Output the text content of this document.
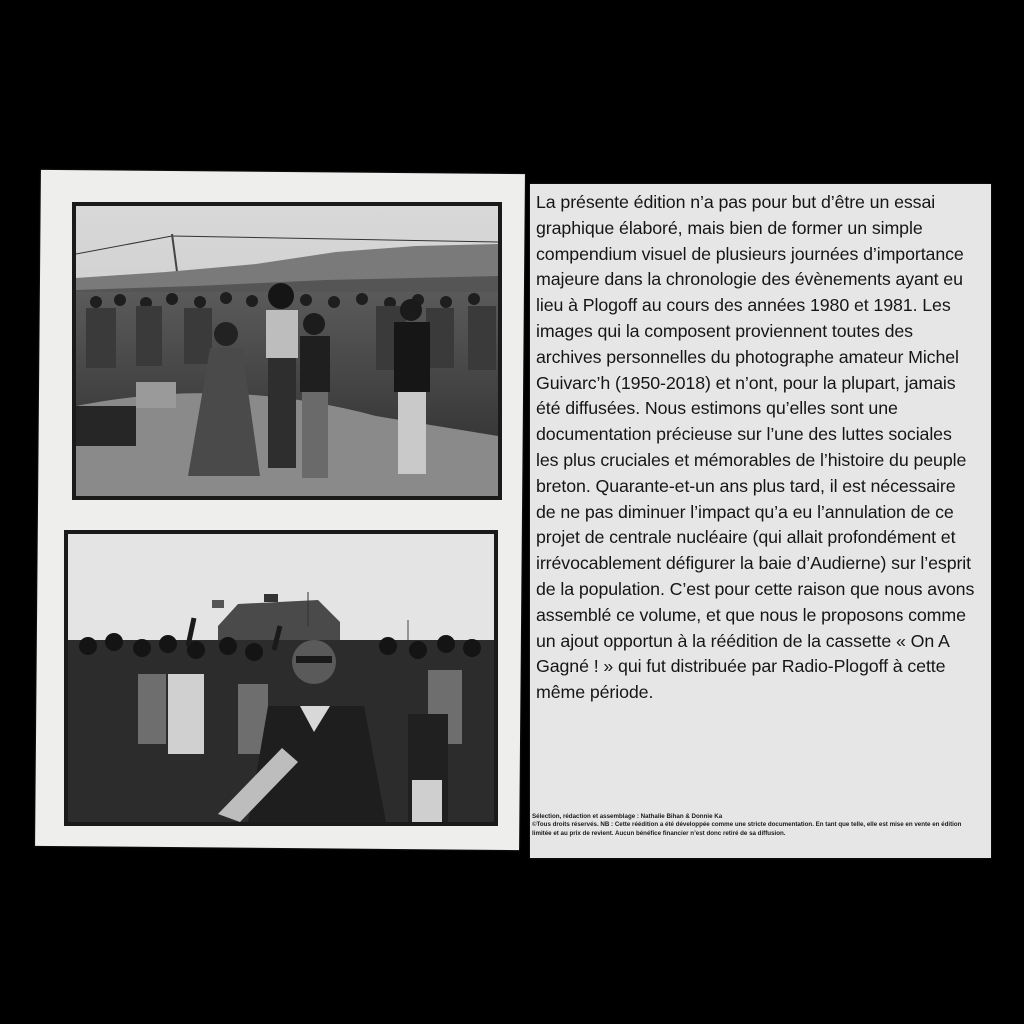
La présente édition n’a pas pour but d’être un essai graphique élaboré, mais bien de former un simple compendium visuel de plusieurs journées d’importance majeure dans la chronologie des évènements ayant eu lieu à Plogoff au cours des années 1980 et 1981. Les images qui la composent proviennent toutes des archives personnelles du photographe amateur Michel Guivarc’h (1950-2018) et n’ont, pour la plupart, jamais été diffusées. Nous estimons qu’elles sont une documentation précieuse sur l’une des luttes sociales les plus cruciales et mémorables de l’histoire du peuple breton. Quarante-et-un ans plus tard, il est nécessaire de ne pas diminuer l’impact qu’a eu l’annulation de ce projet de centrale nucléaire (qui allait profondément et irrévocablement défigurer la baie d’Audierne) sur l’esprit de la population. C’est pour cette raison que nous avons assemblé ce volume, et que nous le proposons comme un ajout opportun à la réédition de la cassette « On A Gagné ! » qui fut distribuée par Radio-Plogoff à cette même période.

Sélection, rédaction et assemblage : Nathalie Bihan & Donnie Ka
©Tous droits réservés. NB : Cette réédition a été développée comme une stricte documentation. En tant que telle, elle est mise en vente en édition limitée et au prix de revient. Aucun bénéfice financier n’est donc retiré de sa diffusion.
